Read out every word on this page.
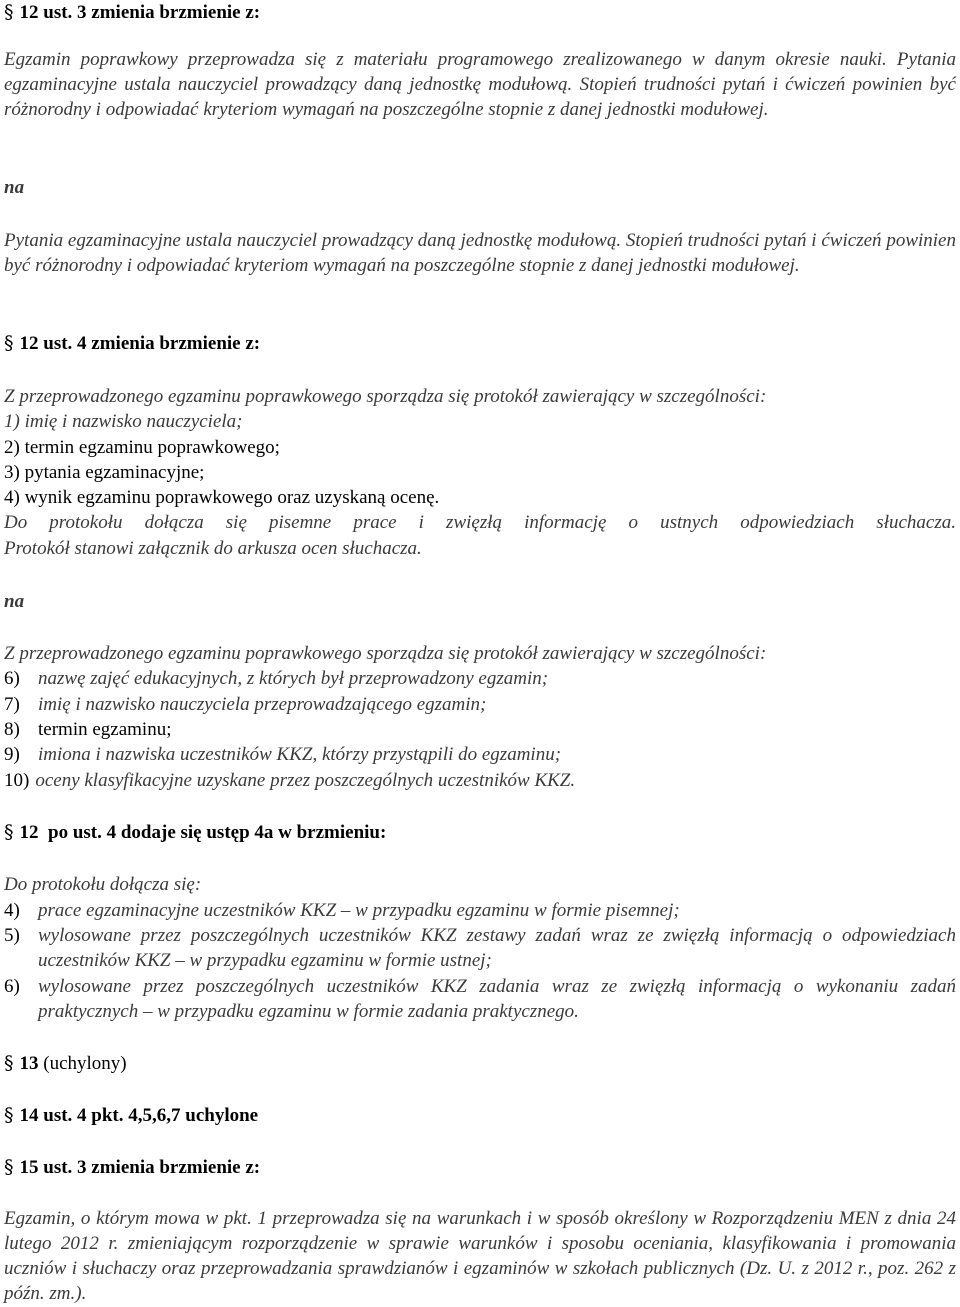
§ 12 ust. 3 zmienia brzmienie z:

Egzamin poprawkowy przeprowadza się z materiału programowego zrealizowanego w danym okresie nauki. Pytania egzaminacyjne ustala nauczyciel prowadzący daną jednostkę modułową. Stopień trudności pytań i ćwiczeń powinien być różnorodny i odpowiadać kryteriom wymagań na poszczególne stopnie z danej jednostki modułowej.

na

Pytania egzaminacyjne ustala nauczyciel prowadzący daną jednostkę modułową. Stopień trudności pytań i ćwiczeń powinien być różnorodny i odpowiadać kryteriom wymagań na poszczególne stopnie z danej jednostki modułowej.

§ 12 ust. 4 zmienia brzmienie z:

Z przeprowadzonego egzaminu poprawkowego sporządza się protokół zawierający w szczególności:

1) imię i nazwisko nauczyciela;

2) termin egzaminu poprawkowego;

3) pytania egzaminacyjne;

4) wynik egzaminu poprawkowego oraz uzyskaną ocenę.

Do protokołu dołącza się pisemne prace i zwięzłą informację o ustnych odpowiedziach słuchacza.

Protokół stanowi załącznik do arkusza ocen słuchacza.

na

Z przeprowadzonego egzaminu poprawkowego sporządza się protokół zawierający w szczególności:

6) nazwę zajęć edukacyjnych, z których był przeprowadzony egzamin;

7) imię i nazwisko nauczyciela przeprowadzającego egzamin;

8) termin egzaminu;

9) imiona i nazwiska uczestników KKZ, którzy przystąpili do egzaminu;

10) oceny klasyfikacyjne uzyskane przez poszczególnych uczestników KKZ.

§ 12  po ust. 4 dodaje się ustęp 4a w brzmieniu:

Do protokołu dołącza się:

4) prace egzaminacyjne uczestników KKZ – w przypadku egzaminu w formie pisemnej;

5) wylosowane przez poszczególnych uczestników KKZ zestawy zadań wraz ze zwięzłą informacją o odpowiedziach uczestników KKZ – w przypadku egzaminu w formie ustnej;

6) wylosowane przez poszczególnych uczestników KKZ zadania wraz ze zwięzłą informacją o wykonaniu zadań praktycznych – w przypadku egzaminu w formie zadania praktycznego.

§ 13 (uchylony)

§ 14 ust. 4 pkt. 4,5,6,7 uchylone

§ 15 ust. 3 zmienia brzmienie z:

Egzamin, o którym mowa w pkt. 1 przeprowadza się na warunkach i w sposób określony w Rozporządzeniu MEN z dnia 24 lutego 2012 r. zmieniającym rozporządzenie w sprawie warunków i sposobu oceniania, klasyfikowania i promowania uczniów i słuchaczy oraz przeprowadzania sprawdzianów i egzaminów w szkołach publicznych (Dz. U. z 2012 r., poz. 262 z późn. zm.).
